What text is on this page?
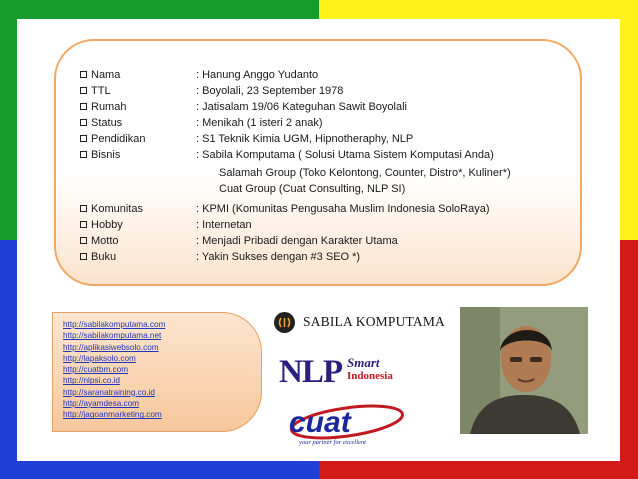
Nama	: Hanung Anggo Yudanto
TTL	: Boyolali, 23 September 1978
Rumah	: Jatisalam 19/06 Kateguhan Sawit Boyolali
Status	: Menikah (1 isteri 2 anak)
Pendidikan	: S1 Teknik Kimia UGM, Hipnotheraphy, NLP
Bisnis	: Sabila Komputama ( Solusi Utama Sistem Komputasi Anda)
Salamah Group (Toko Kelontong, Counter, Distro*, Kuliner*)
Cuat Group (Cuat Consulting, NLP SI)
Komunitas	: KPMI (Komunitas Pengusaha Muslim Indonesia SoloRaya)
Hobby	: Internetan
Motto	: Menjadi Pribadi dengan Karakter Utama
Buku	: Yakin Sukses dengan #3 SEO *)
http://sabilakomputama.com
http://sabilakomputama.net
http://aplikasiwebsolo.com
http://lapaksolo.com
http://cuatbm.com
http://nlpsi.co.id
http://saranatraining.co.id
http://ayamdesa.com
http://jagoanmarketing.com
SABILA KOMPUTAMA
NLP Smart
Indonesia
cuat
your partner for excellent
